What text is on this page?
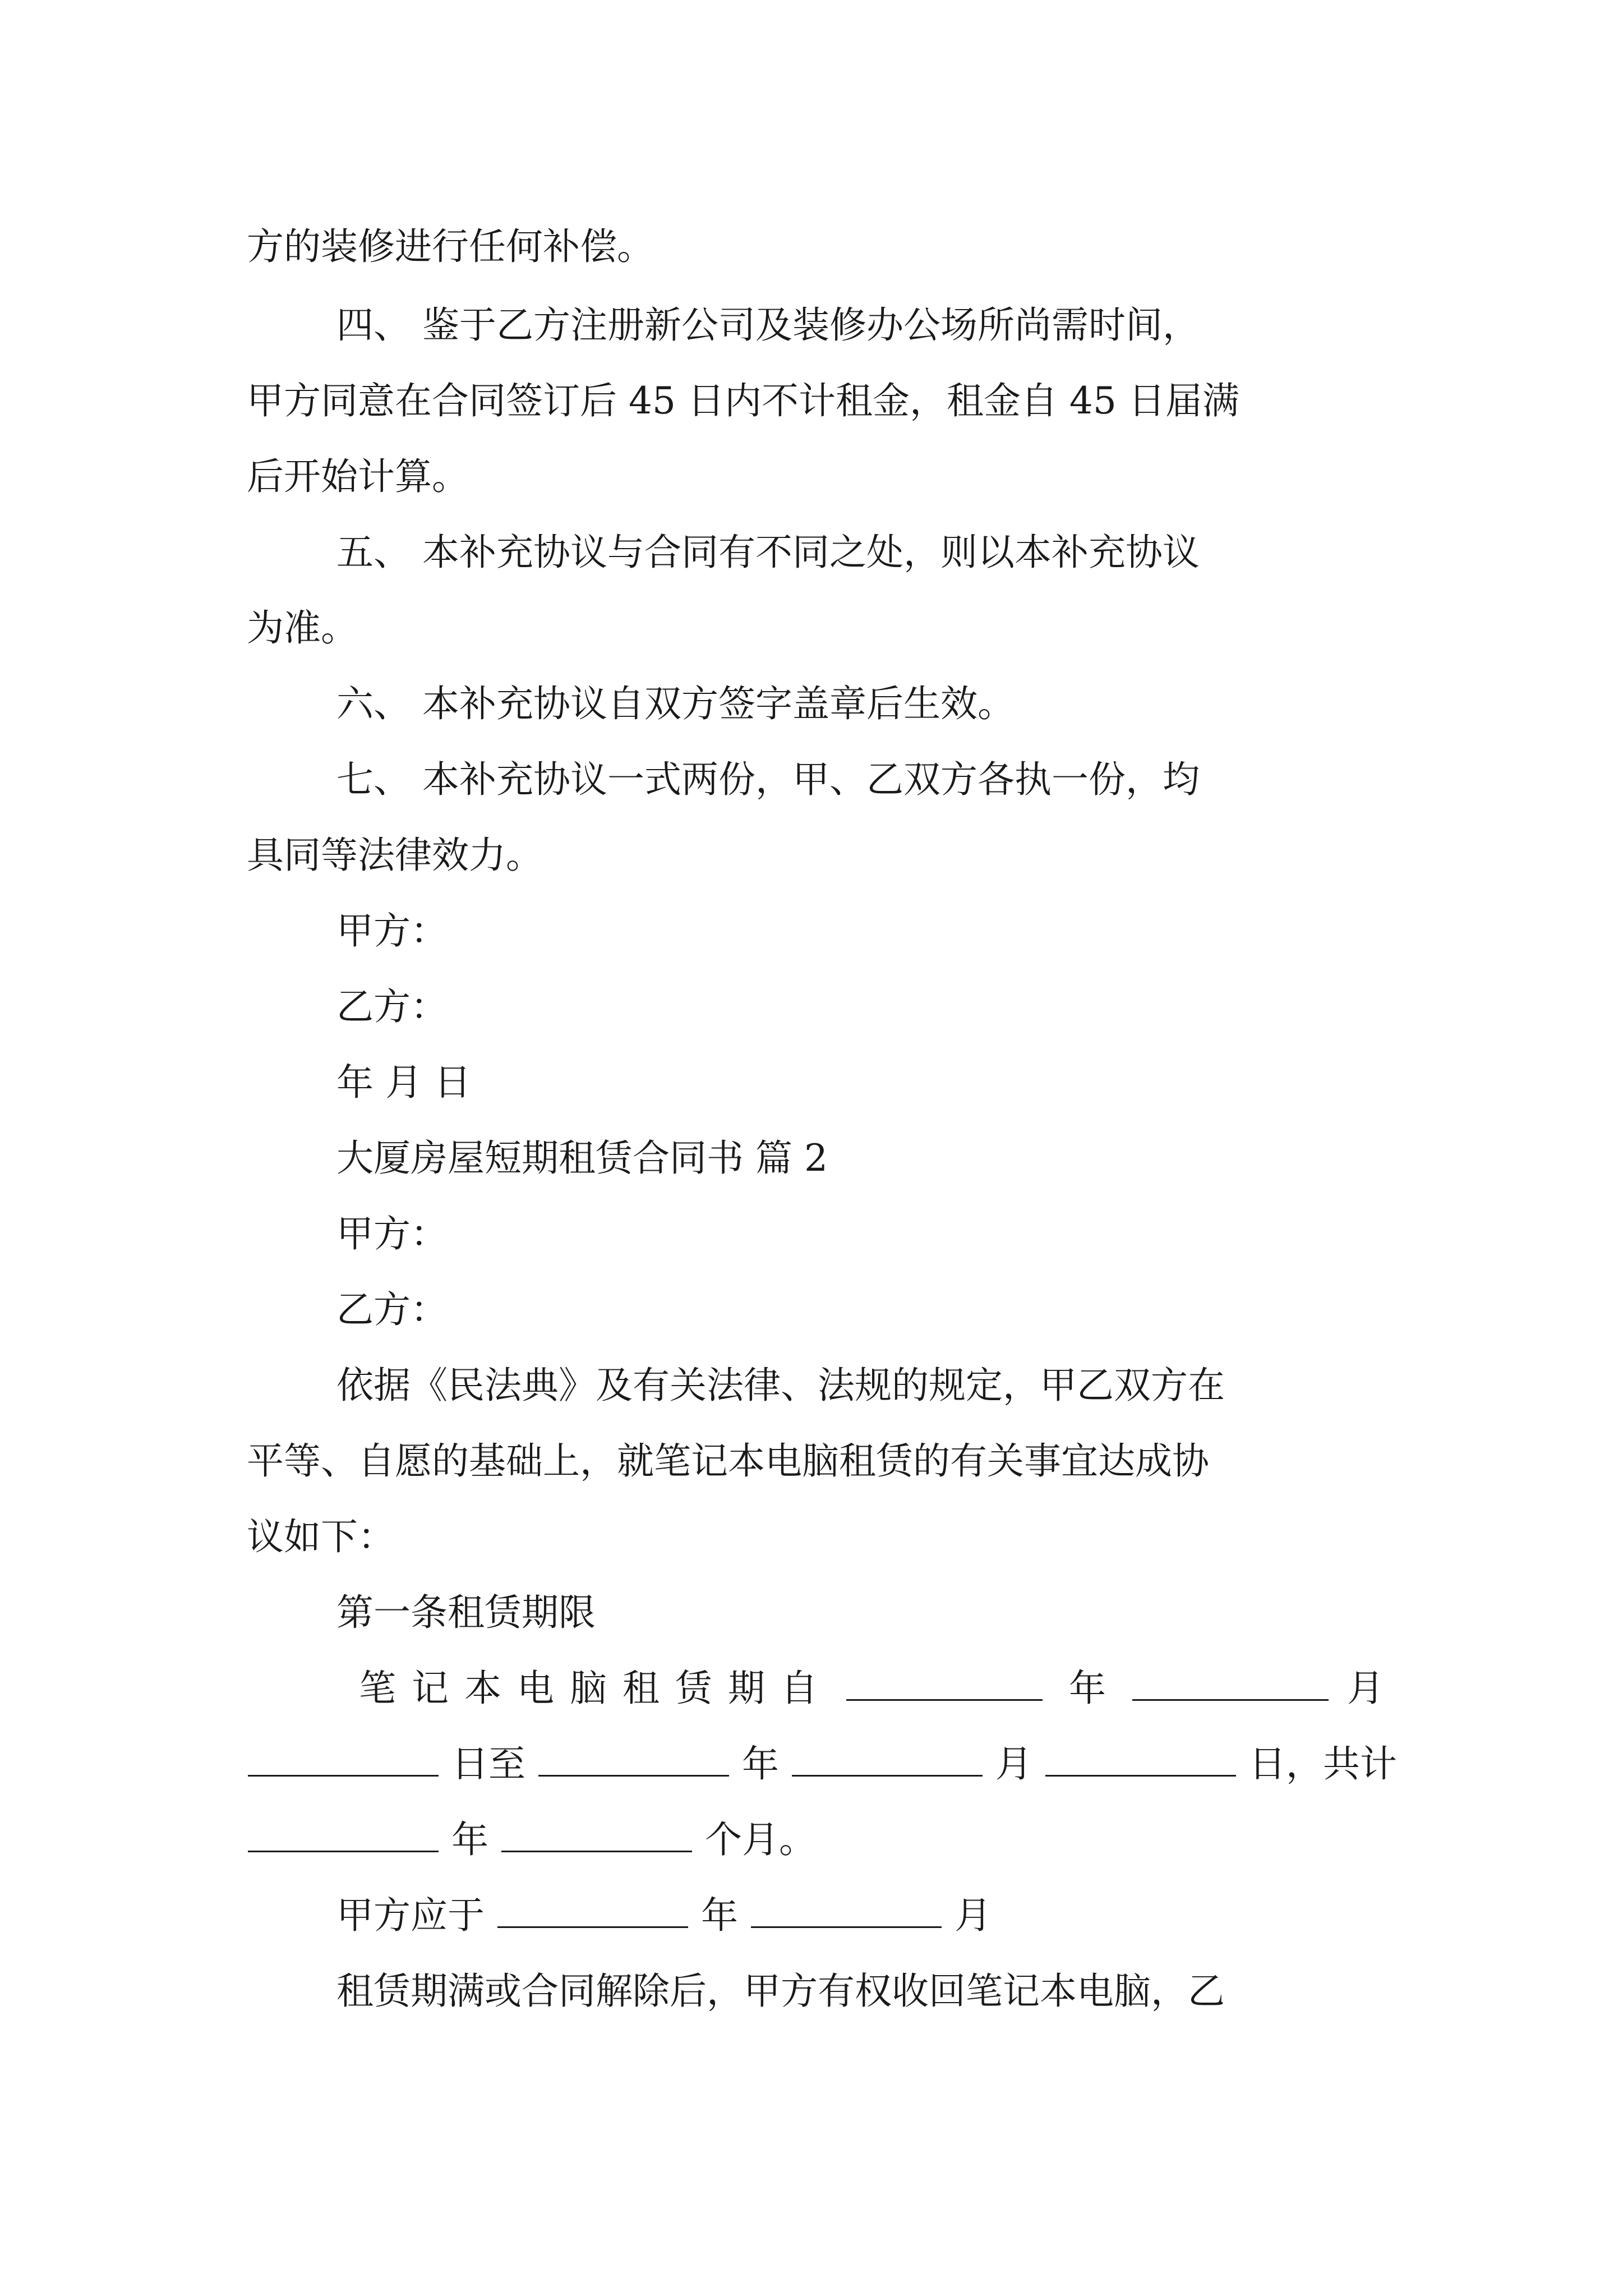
方的装修进行任何补偿。
四、 鉴于乙方注册新公司及装修办公场所尚需时间，
甲方同意在合同签订后 45 日内不计租金，租金自 45 日届满
后开始计算。
五、 本补充协议与合同有不同之处，则以本补充协议
为准。
六、 本补充协议自双方签字盖章后生效。
七、 本补充协议一式两份，甲、乙双方各执一份，均
具同等法律效力。
甲方：
乙方：
年 月 日
大厦房屋短期租赁合同书 篇 2
甲方：
乙方：
依据《民法典》及有关法律、法规的规定，甲乙双方在
平等、自愿的基础上，就笔记本电脑租赁的有关事宜达成协
议如下：
第一条租赁期限
笔记本电脑租赁期自	年	月
日至	年	月	日，共计
年	个月。
甲方应于	年	月
租赁期满或合同解除后，甲方有权收回笔记本电脑，乙
